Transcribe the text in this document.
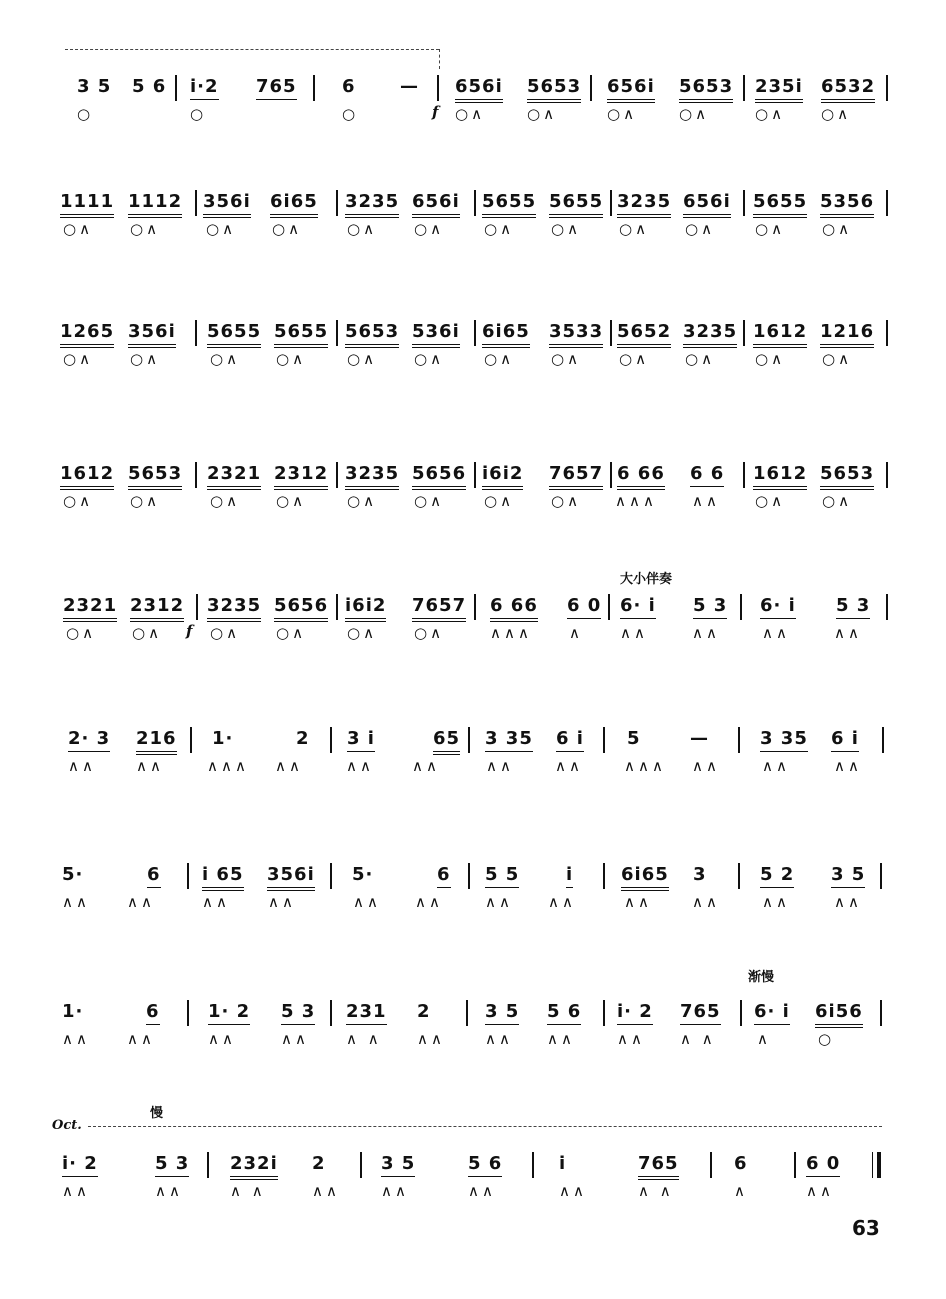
3 5 5 6 i·2 765	6 — 656i 5653 656i 5653 235i 6532
f
○	○	○	○∧	○∧	○∧	○∧	○∧ ○∧
1111 1112 356i 6i65 3235 656i 5655 5655 3235 656i 5655 5356
○∧ ○∧	○∧ ○∧	○∧ ○∧	○∧ ○∧	○∧ ○∧	○∧ ○∧
1265 356i 5655 5655 5653 536i 6i65 3533 5652 3235 1612 1216
○∧ ○∧	○∧ ○∧	○∧ ○∧	○∧ ○∧	○∧ ○∧	○∧ ○∧
1612 5653 2321 2312 3235 5656 i6i2 7657 6 66 6 6 1612 5653
○∧ ○∧	○∧ ○∧	○∧ ○∧	○∧ ○∧ ∧∧∧ ∧∧ ○∧ ○∧
大小伴奏
2321 2312 3235 5656 i6i2 7657 6 66 6 0 6· i 5 3 6· i 5 3
f
○∧ ○∧	○∧ ○∧	○∧ ○∧	∧∧∧ ∧ ∧∧	∧∧	∧∧	∧∧
2· 3 216 1·	2 3 i	65 3 35 6 i 5	—	3 35 6 i
∧∧	∧∧	∧∧∧ ∧∧	∧∧	∧∧	∧∧	∧∧	∧∧∧ ∧∧	∧∧	∧∧
5·	6 i 65 356i 5·	6 5 5	i	6i65 3	5 2 3 5
∧∧ ∧∧	∧∧	∧∧	∧∧ ∧∧	∧∧ ∧∧	∧∧	∧∧	∧∧	∧∧
渐慢
1·	6	1· 2 5 3 231 2	3 5 5 6 i· 2 765 6· i 6i56
∧∧ ∧∧	∧∧	∧∧ ∧ ∧ ∧∧	∧∧ ∧∧	∧∧ ∧ ∧	∧	○
慢
Oct.
i· 2	5 3 232i 2	3 5	5 6	i	765	6	6 0
∧∧	∧∧	∧ ∧	∧∧	∧∧	∧∧	∧∧	∧ ∧	∧	∧∧
63
